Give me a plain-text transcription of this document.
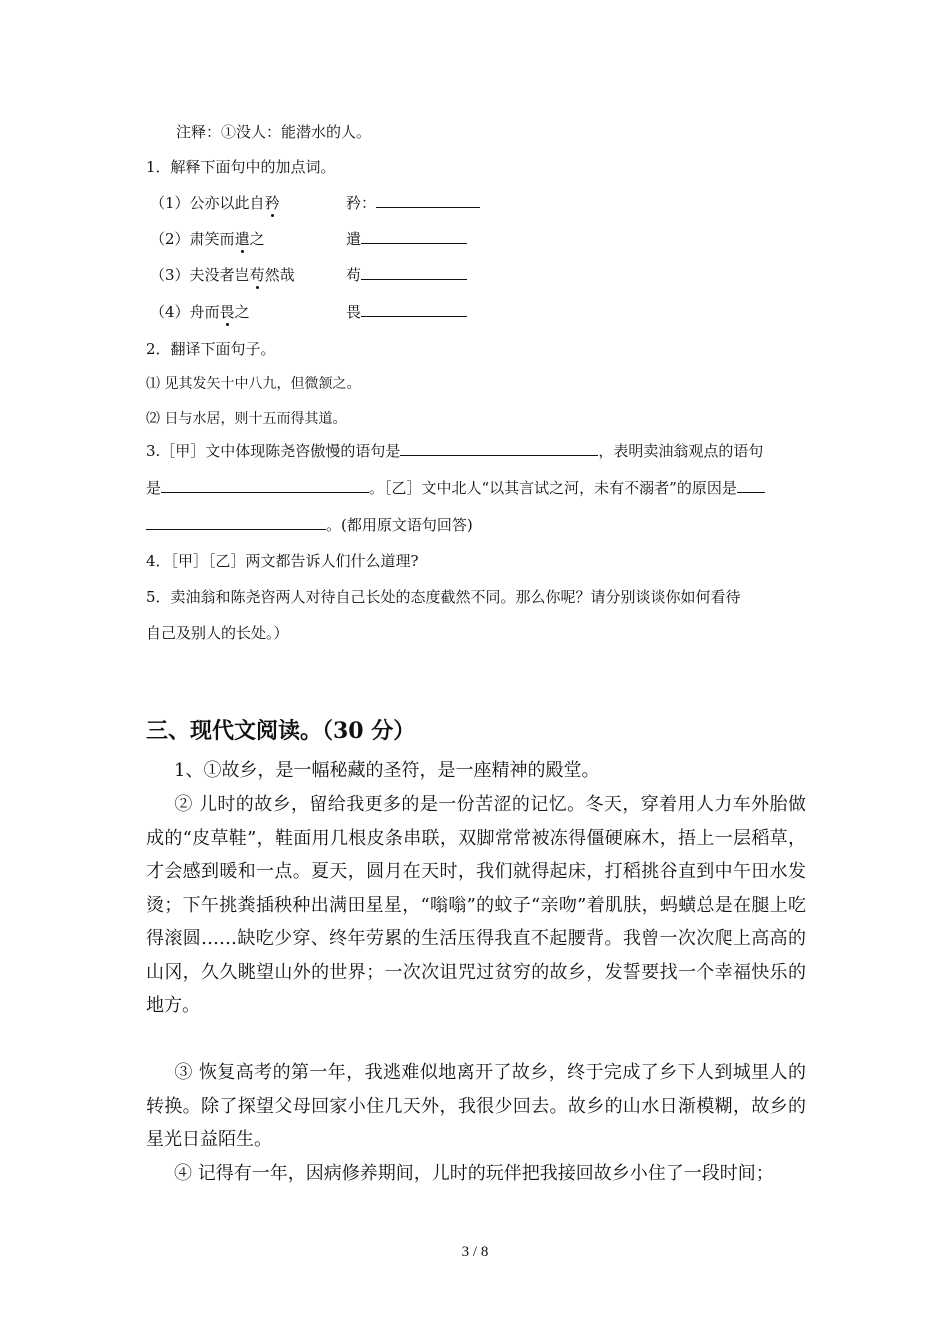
注释：①没人：能潜水的人。
1．解释下面句中的加点词。
（1）公亦以此自矜	矜：
（2）肃笑而遣之	遣
（3）夫没者岂苟然哉	苟
（4）舟而畏之	畏
2．翻译下面句子。
⑴ 见其发矢十中八九，但微颔之。
⑵ 日与水居，则十五而得其道。
3.［甲］文中体现陈尧咨傲慢的语句是	，表明卖油翁观点的语句
是	。［乙］文中北人“以其言试之河，未有不溺者”的原因是
。(都用原文语句回答)
4．［甲］［乙］两文都告诉人们什么道理?
5．卖油翁和陈尧咨两人对待自己长处的态度截然不同。那么你呢？请分别谈谈你如何看待
自己及别人的长处。）
三、现代文阅读。（30 分）
1、①故乡，是一幅秘藏的圣符，是一座精神的殿堂。
② 儿时的故乡，留给我更多的是一份苦涩的记忆。冬天，穿着用人力车外胎做成的“皮草鞋”，鞋面用几根皮条串联，双脚常常被冻得僵硬麻木，捂上一层稻草，才会感到暖和一点。夏天，圆月在天时，我们就得起床，打稻挑谷直到中午田水发烫；下午挑粪插秧种出满田星星，“嗡嗡”的蚊子“亲吻”着肌肤，蚂蟥总是在腿上吃得滚圆……缺吃少穿、终年劳累的生活压得我直不起腰背。我曾一次次爬上高高的山冈，久久眺望山外的世界；一次次诅咒过贫穷的故乡，发誓要找一个幸福快乐的地方。
③ 恢复高考的第一年，我逃难似地离开了故乡，终于完成了乡下人到城里人的转换。除了探望父母回家小住几天外，我很少回去。故乡的山水日渐模糊，故乡的星光日益陌生。
④ 记得有一年，因病修养期间，儿时的玩伴把我接回故乡小住了一段时间；
3 / 8
